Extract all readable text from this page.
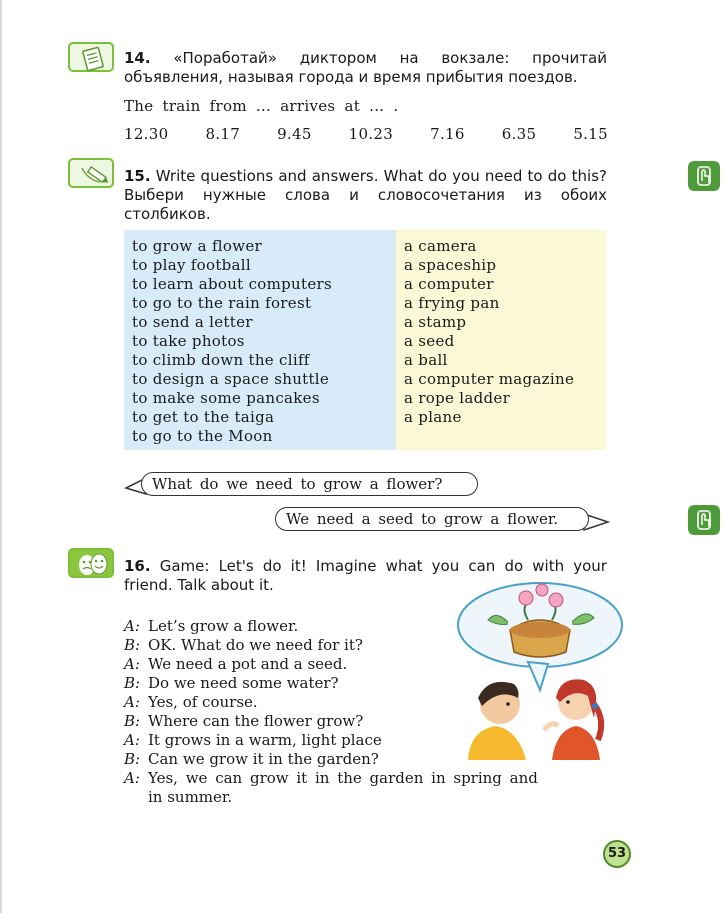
14. «Поработай» диктором на вокзале: прочитай объявления, называя города и время прибытия поездов.
The train from ... arrives at ... .
12.30 8.17 9.45 10.23 7.16 6.35 5.15
15. Write questions and answers. What do you need to do this? Выбери нужные слова и словосочетания из обоих столбиков.
to grow a flower
to play football
to learn about computers
to go to the rain forest
to send a letter
to take photos
to climb down the cliff
to design a space shuttle
to make some pancakes
to get to the taiga
to go to the Moon
a camera
a spaceship
a computer
a frying pan
a stamp
a seed
a ball
a computer magazine
a rope ladder
a plane
What do we need to grow a flower?
We need a seed to grow a flower.
16. Game: Let's do it! Imagine what you can do with your friend. Talk about it.
A: Let’s grow a flower.
B: OK. What do we need for it?
A: We need a pot and a seed.
B: Do we need some water?
A: Yes, of course.
B: Where can the flower grow?
A: It grows in a warm, light place
B: Can we grow it in the garden?
A: Yes, we can grow it in the garden in spring and
in summer.
53
